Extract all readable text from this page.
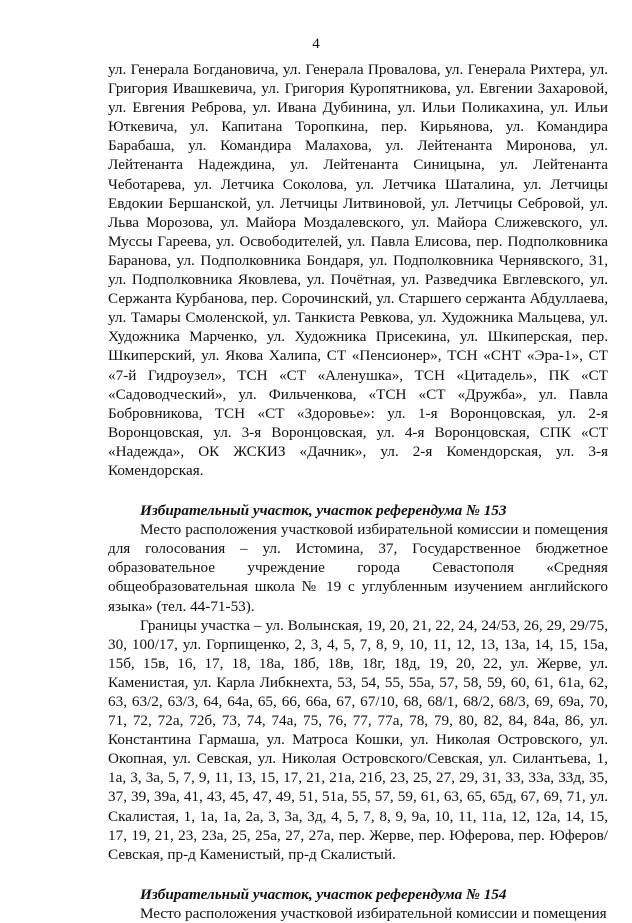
4

ул. Генерала Богдановича, ул. Генерала Провалова, ул. Генерала Рихтера, ул. Григория Ивашкевича, ул. Григория Куропятникова, ул. Евгении Захаровой, ул. Евгения Реброва, ул. Ивана Дубинина, ул. Ильи Поликахина, ул. Ильи Юткевича, ул. Капитана Торопкина, пер. Кирьянова, ул. Командира Барабаша, ул. Командира Малахова, ул. Лейтенанта Миронова, ул. Лейтенанта Надеждина, ул. Лейтенанта Синицына, ул. Лейтенанта Чеботарева, ул. Летчика Соколова, ул. Летчика Шаталина, ул. Летчицы Евдокии Бершанской, ул. Летчицы Литвиновой, ул. Летчицы Себровой, ул. Льва Морозова, ул. Майора Моздалевского, ул. Майора Слижевского, ул. Муссы Гареева, ул. Освободителей, ул. Павла Елисова, пер. Подполковника Баранова, ул. Подполковника Бондаря, ул. Подполковника Чернявского, 31, ул. Подполковника Яковлева, ул. Почётная, ул. Разведчика Евглевского, ул. Сержанта Курбанова, пер. Сорочинский, ул. Старшего сержанта Абдуллаева, ул. Тамары Смоленской, ул. Танкиста Ревкова, ул. Художника Мальцева, ул. Художника Марченко, ул. Художника Присекина, ул. Шкиперская, пер. Шкиперский, ул. Якова Халипа, СТ «Пенсионер», ТСН «СНТ «Эра-1», СТ «7-й Гидроузел», ТСН «СТ «Аленушка», ТСН «Цитадель», ПК «СТ «Садоводческий», ул. Фильченкова, «ТСН «СТ «Дружба», ул. Павла Бобровникова, ТСН «СТ «Здоровье»: ул. 1-я Воронцовская, ул. 2-я Воронцовская, ул. 3-я Воронцовская, ул. 4-я Воронцовская, СПК «СТ «Надежда», ОК ЖСКИЗ «Дачник», ул. 2-я Комендорская, ул. 3-я Комендорская.

Избирательный участок, участок референдума № 153

Место расположения участковой избирательной комиссии и помещения для голосования – ул. Истомина, 37, Государственное бюджетное образовательное учреждение города Севастополя «Средняя общеобразовательная школа № 19 с углубленным изучением английского языка» (тел. 44-71-53).

Границы участка – ул. Волынская, 19, 20, 21, 22, 24, 24/53, 26, 29, 29/75, 30, 100/17, ул. Горпищенко, 2, 3, 4, 5, 7, 8, 9, 10, 11, 12, 13, 13а, 14, 15, 15а, 15б, 15в, 16, 17, 18, 18а, 18б, 18в, 18г, 18д, 19, 20, 22, ул. Жерве, ул. Каменистая, ул. Карла Либкнехта, 53, 54, 55, 55а, 57, 58, 59, 60, 61, 61а, 62, 63, 63/2, 63/3, 64, 64а, 65, 66, 66а, 67, 67/10, 68, 68/1, 68/2, 68/3, 69, 69а, 70, 71, 72, 72а, 72б, 73, 74, 74а, 75, 76, 77, 77а, 78, 79, 80, 82, 84, 84а, 86, ул. Константина Гармаша, ул. Матроса Кошки, ул. Николая Островского, ул. Окопная, ул. Севская, ул. Николая Островского/Севская, ул. Силантьева, 1, 1а, 3, 3а, 5, 7, 9, 11, 13, 15, 17, 21, 21а, 21б, 23, 25, 27, 29, 31, 33, 33а, 33д, 35, 37, 39, 39а, 41, 43, 45, 47, 49, 51, 51а, 55, 57, 59, 61, 63, 65, 65д, 67, 69, 71, ул. Скалистая, 1, 1а, 1а, 2а, 3, 3а, 3д, 4, 5, 7, 8, 9, 9а, 10, 11, 11а, 12, 12а, 14, 15, 17, 19, 21, 23, 23а, 25, 25а, 27, 27а, пер. Жерве, пер. Юферова, пер. Юферов/Севская, пр-д Каменистый, пр-д Скалистый.

Избирательный участок, участок референдума № 154

Место расположения участковой избирательной комиссии и помещения
